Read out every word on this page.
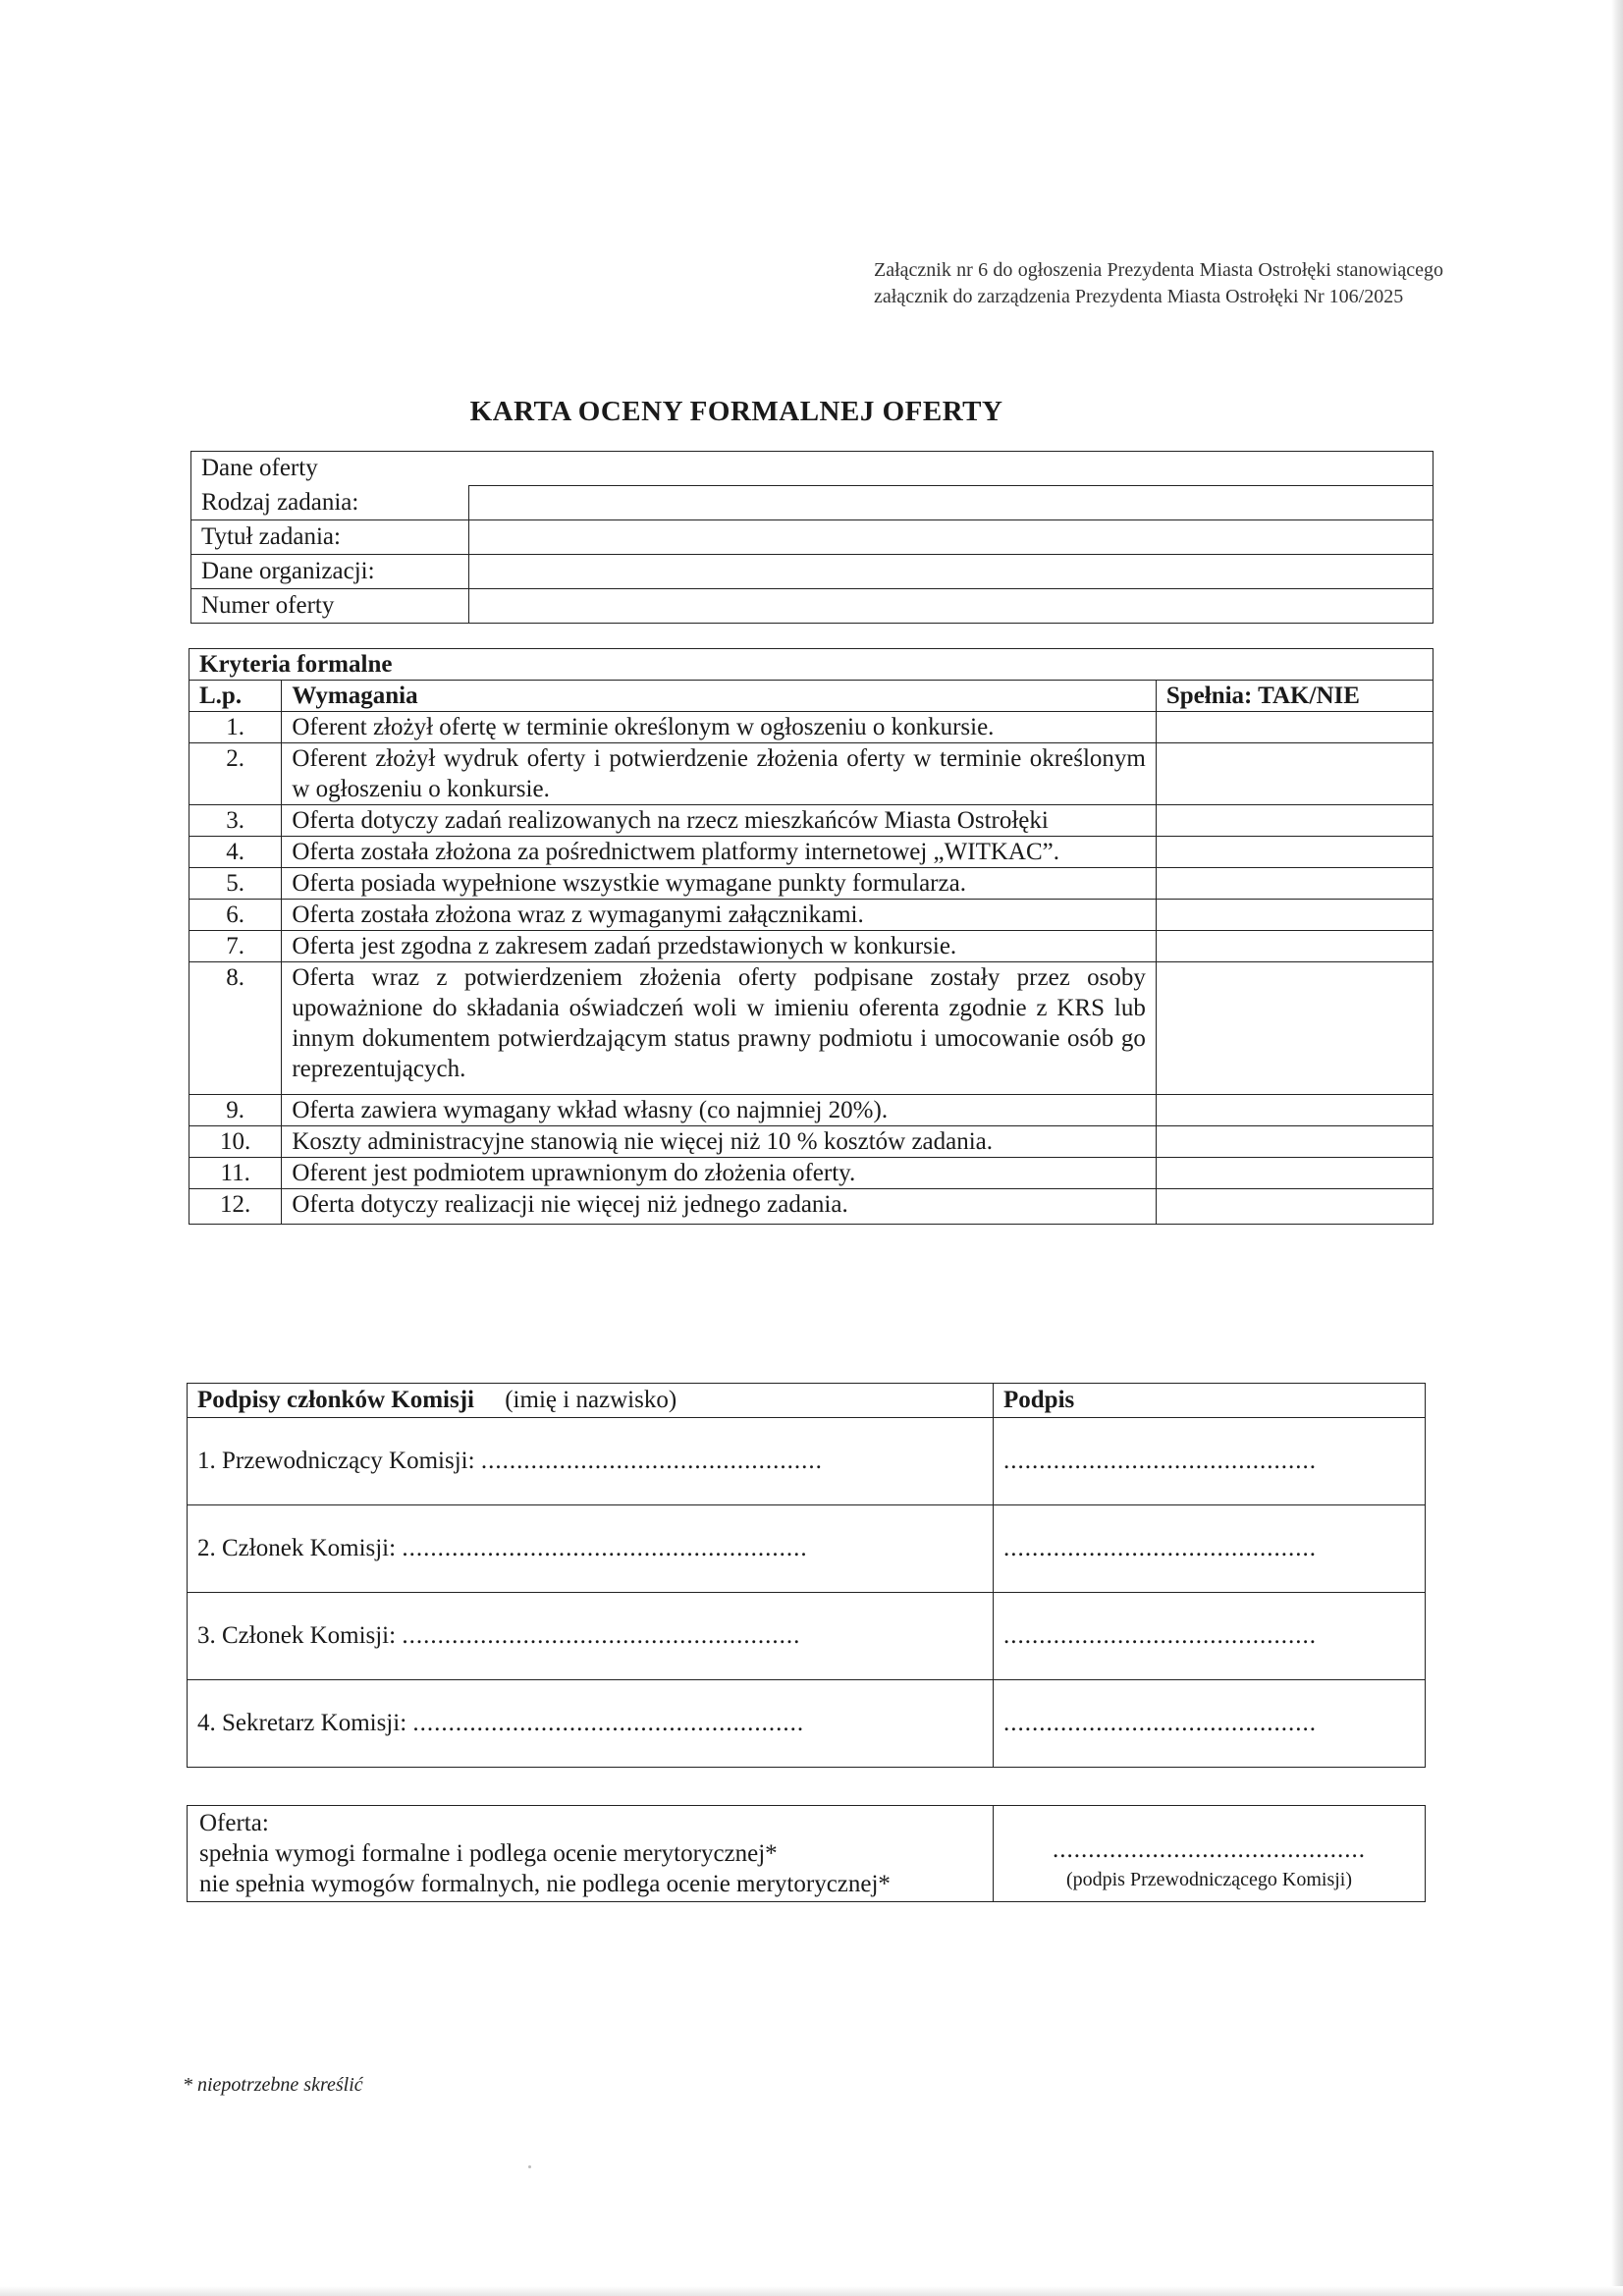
Załącznik nr 6 do ogłoszenia Prezydenta Miasta Ostrołęki stanowiącego załącznik do zarządzenia Prezydenta Miasta Ostrołęki Nr 106/2025
KARTA OCENY FORMALNEJ OFERTY
Dane oferty	
Rodzaj zadania:	
Tytuł zadania:	
Dane organizacji:	
Numer oferty	
Kryteria formalne		
L.p.	Wymagania	Spełnia: TAK/NIE
1.	Oferent złożył ofertę w terminie określonym w ogłoszeniu o konkursie.	
2.	Oferent złożył wydruk oferty i potwierdzenie złożenia oferty w terminie określonym w ogłoszeniu o konkursie.	
3.	Oferta dotyczy zadań realizowanych na rzecz mieszkańców Miasta Ostrołęki	
4.	Oferta została złożona za pośrednictwem platformy internetowej „WITKAC”.	
5.	Oferta posiada wypełnione wszystkie wymagane punkty formularza.	
6.	Oferta została złożona wraz z wymaganymi załącznikami.	
7.	Oferta jest zgodna z zakresem zadań przedstawionych w konkursie.	
8.	Oferta wraz z potwierdzeniem złożenia oferty podpisane zostały przez osoby upoważnione do składania oświadczeń woli w imieniu oferenta zgodnie z KRS lub innym dokumentem potwierdzającym status prawny podmiotu i umocowanie osób go reprezentujących.	
9.	Oferta zawiera wymagany wkład własny (co najmniej 20%).	
10.	Koszty administracyjne stanowią nie więcej niż 10 % kosztów zadania.	
11.	Oferent jest podmiotem uprawnionym do złożenia oferty.	
12.	Oferta dotyczy realizacji nie więcej niż jednego zadania.	
Podpisy członków Komisji (imię i nazwisko)	Podpis
1. Przewodniczący Komisji: ................................................	............................................
2. Członek Komisji: .........................................................	............................................
3. Członek Komisji: ........................................................	............................................
4. Sekretarz Komisji: .......................................................	............................................
Oferta:
spełnia wymogi formalne i podlega ocenie merytorycznej*
nie spełnia wymogów formalnych, nie podlega ocenie merytorycznej*

............................................
(podpis Przewodniczącego Komisji)
* niepotrzebne skreślić
